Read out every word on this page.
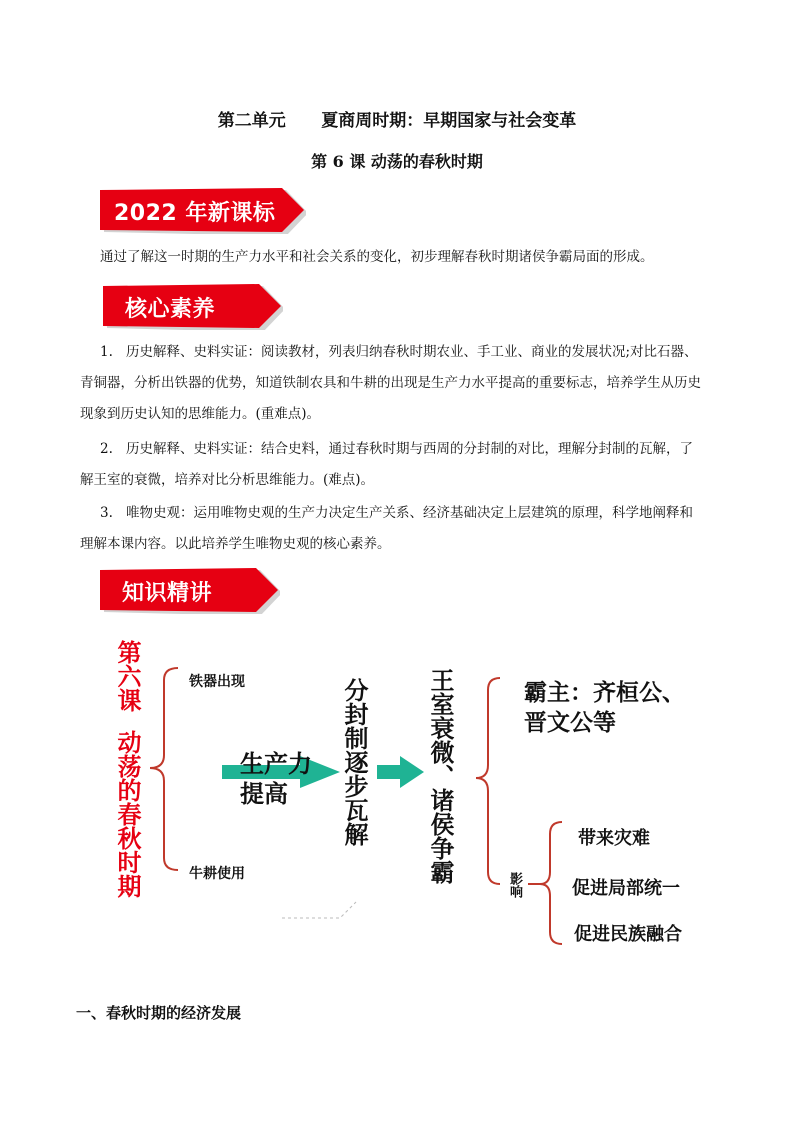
第二单元      夏商周时期：早期国家与社会变革
第 6 课 动荡的春秋时期
2022 年新课标
通过了解这一时期的生产力水平和社会关系的变化，初步理解春秋时期诸侯争霸局面的形成。
核心素养
1. 历史解释、史料实证：阅读教材，列表归纳春秋时期农业、手工业、商业的发展状况;对比石器、
青铜器，分析出铁器的优势，知道铁制农具和牛耕的出现是生产力水平提高的重要标志，培养学生从历史
现象到历史认知的思维能力。(重难点)。
2. 历史解释、史料实证：结合史料，通过春秋时期与西周的分封制的对比，理解分封制的瓦解，了
解王室的衰微，培养对比分析思维能力。(难点)。
3. 唯物史观：运用唯物史观的生产力决定生产关系、经济基础决定上层建筑的原理，科学地阐释和
理解本课内容。以此培养学生唯物史观的核心素养。
知识精讲
第六课
动荡的春秋时期
铁器出现
牛耕使用
生产力
提高 分封制逐步瓦解 王室衰微、诸侯争霸	霸主：齐桓公、
晋文公等
影响
带来灾难
促进局部统一
促进民族融合
一、春秋时期的经济发展
